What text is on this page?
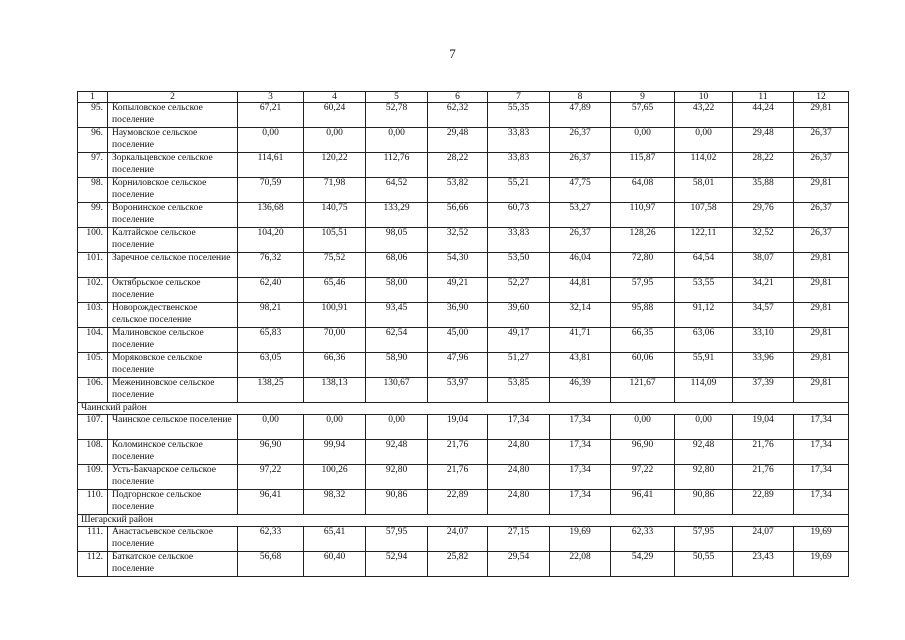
7
1	2	3	4	5	6	7	8	9	10	11	12
95.	Копыловское сельское поселение	67,21	60,24	52,78	62,32	55,35	47,89	57,65	43,22	44,24	29,81
96.	Наумовское сельское поселение	0,00	0,00	0,00	29,48	33,83	26,37	0,00	0,00	29,48	26,37
97.	Зоркальцевское сельское поселение	114,61	120,22	112,76	28,22	33,83	26,37	115,87	114,02	28,22	26,37
98.	Корниловское сельское поселение	70,59	71,98	64,52	53,82	55,21	47,75	64,08	58,01	35,88	29,81
99.	Воронинское сельское поселение	136,68	140,75	133,29	56,66	60,73	53,27	110,97	107,58	29,76	26,37
100.	Калтайское сельское поселение	104,20	105,51	98,05	32,52	33,83	26,37	128,26	122,11	32,52	26,37
101.	Заречное сельское поселение	76,32	75,52	68,06	54,30	53,50	46,04	72,80	64,54	38,07	29,81
102.	Октябрьское сельское поселение	62,40	65,46	58,00	49,21	52,27	44,81	57,95	53,55	34,21	29,81
103.	Новорождественское сельское поселение	98,21	100,91	93,45	36,90	39,60	32,14	95,88	91,12	34,57	29,81
104.	Малиновское сельское поселение	65,83	70,00	62,54	45,00	49,17	41,71	66,35	63,06	33,10	29,81
105.	Моряковское сельское поселение	63,05	66,36	58,90	47,96	51,27	43,81	60,06	55,91	33,96	29,81
106.	Межениновское сельское поселение	138,25	138,13	130,67	53,97	53,85	46,39	121,67	114,09	37,39	29,81
Чаинский район											
107.	Чаинское сельское поселение	0,00	0,00	0,00	19,04	17,34	17,34	0,00	0,00	19,04	17,34
108.	Коломинское сельское поселение	96,90	99,94	92,48	21,76	24,80	17,34	96,90	92,48	21,76	17,34
109.	Усть-Бакчарское сельское поселение	97,22	100,26	92,80	21,76	24,80	17,34	97,22	92,80	21,76	17,34
110.	Подгорнское сельское поселение	96,41	98,32	90,86	22,89	24,80	17,34	96,41	90,86	22,89	17,34
Шегарский район											
111.	Анастасьевское сельское поселение	62,33	65,41	57,95	24,07	27,15	19,69	62,33	57,95	24,07	19,69
112.	Баткатское сельское поселение	56,68	60,40	52,94	25,82	29,54	22,08	54,29	50,55	23,43	19,69
